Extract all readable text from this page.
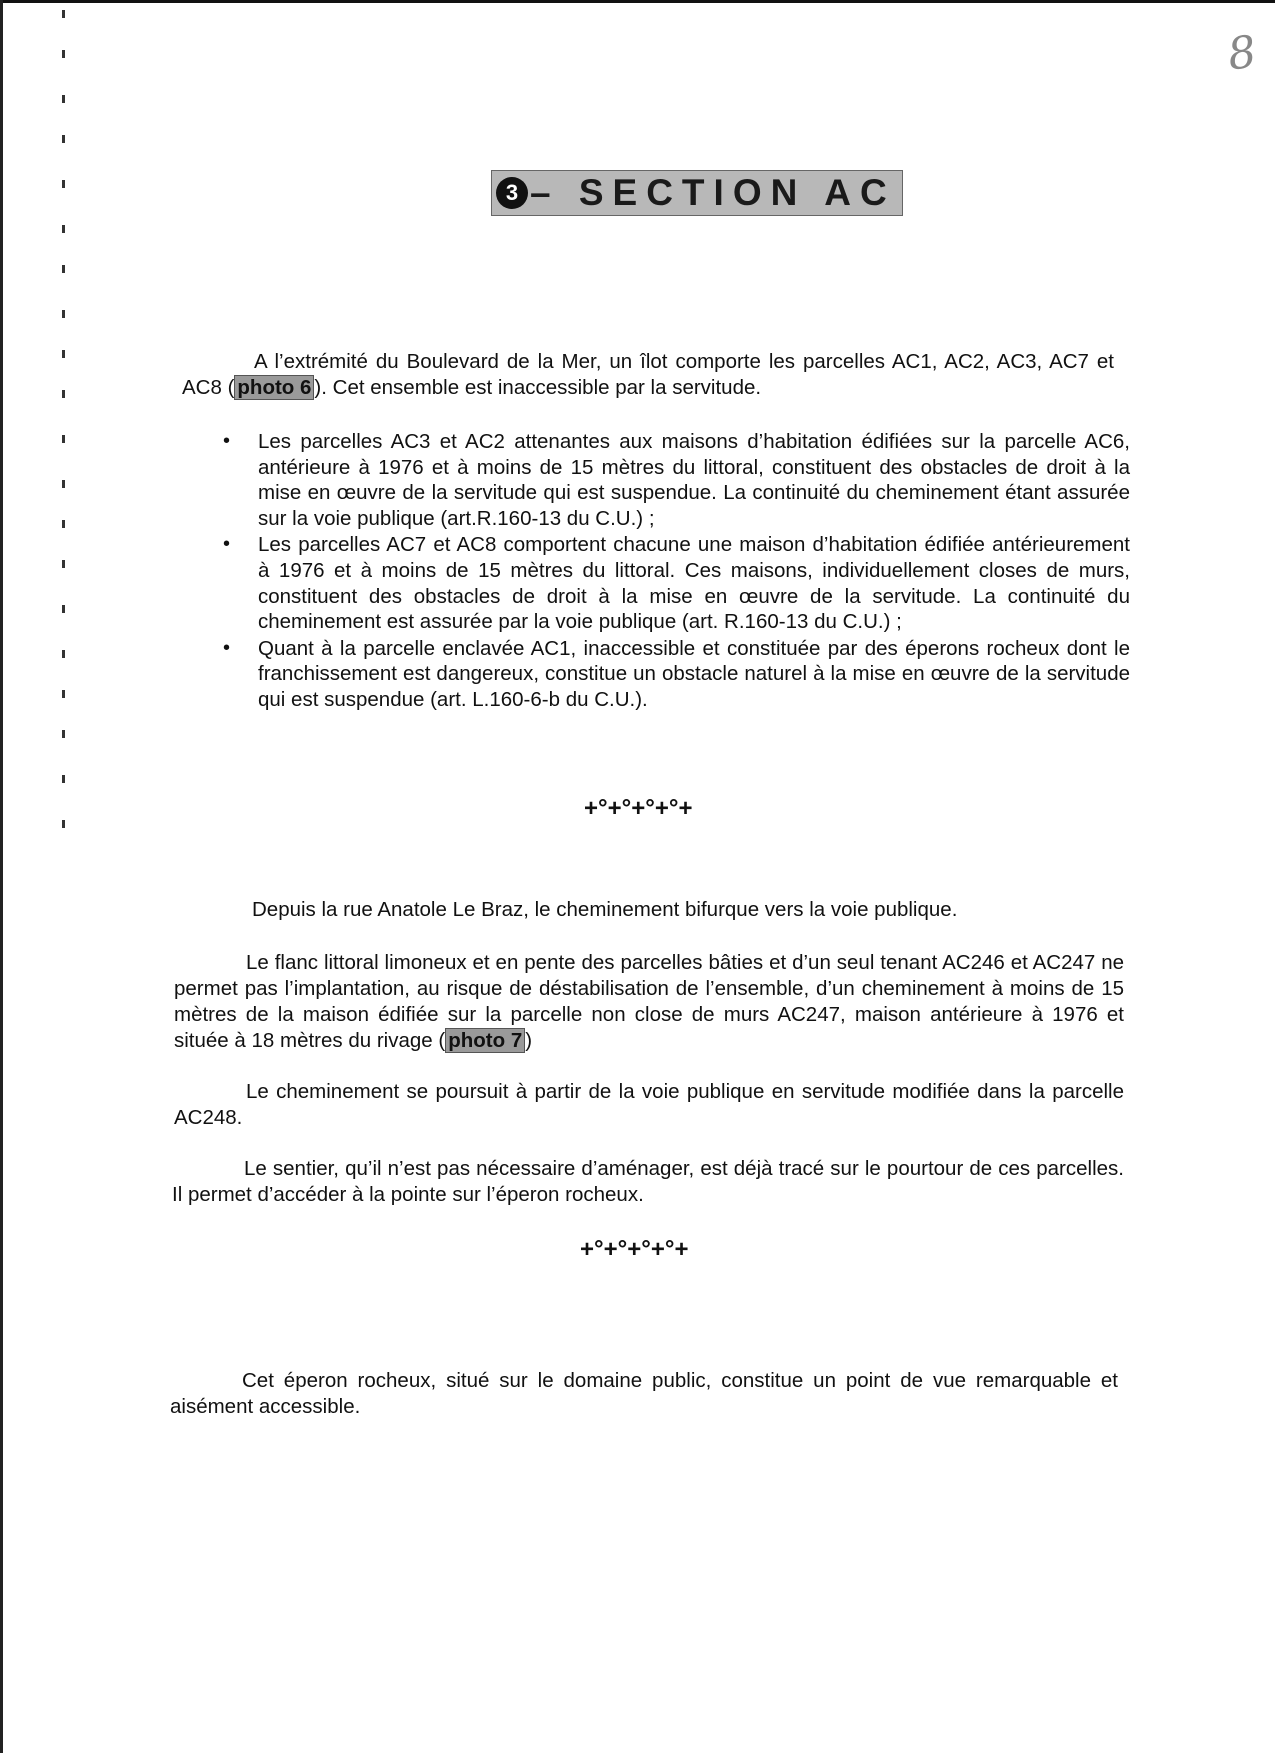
8
3 – SECTION AC
A l’extrémité du Boulevard de la Mer, un îlot comporte les parcelles AC1, AC2, AC3, AC7 et AC8 ( photo 6 ). Cet ensemble est inaccessible par la servitude.
• Les parcelles AC3 et AC2 attenantes aux maisons d’habitation édifiées sur la parcelle AC6, antérieure à 1976 et à moins de 15 mètres du littoral, constituent des obstacles de droit à la mise en œuvre de la servitude qui est suspendue. La continuité du cheminement étant assurée sur la voie publique (art.R.160-13 du C.U.) ;
• Les parcelles AC7 et AC8 comportent chacune une maison d’habitation édifiée antérieurement à 1976 et à moins de 15 mètres du littoral. Ces maisons, individuellement closes de murs, constituent des obstacles de droit à la mise en œuvre de la servitude. La continuité du cheminement est assurée par la voie publique (art. R.160-13 du C.U.) ;
• Quant à la parcelle enclavée AC1, inaccessible et constituée par des éperons rocheux dont le franchissement est dangereux, constitue un obstacle naturel à la mise en œuvre de la servitude qui est suspendue (art. L.160-6-b du C.U.).
+°+°+°+°+
Depuis la rue Anatole Le Braz, le cheminement bifurque vers la voie publique.
Le flanc littoral limoneux et en pente des parcelles bâties et d’un seul tenant AC246 et AC247 ne permet pas l’implantation, au risque de déstabilisation de l’ensemble, d’un cheminement à moins de 15 mètres de la maison édifiée sur la parcelle non close de murs AC247, maison antérieure à 1976 et située à 18 mètres du rivage ( photo 7 )
Le cheminement se poursuit à partir de la voie publique en servitude modifiée dans la parcelle AC248.
Le sentier, qu’il n’est pas nécessaire d’aménager, est déjà tracé sur le pourtour de ces parcelles. Il permet d’accéder à la pointe sur l’éperon rocheux.
+°+°+°+°+
Cet éperon rocheux, situé sur le domaine public, constitue un point de vue remarquable et aisément accessible.
